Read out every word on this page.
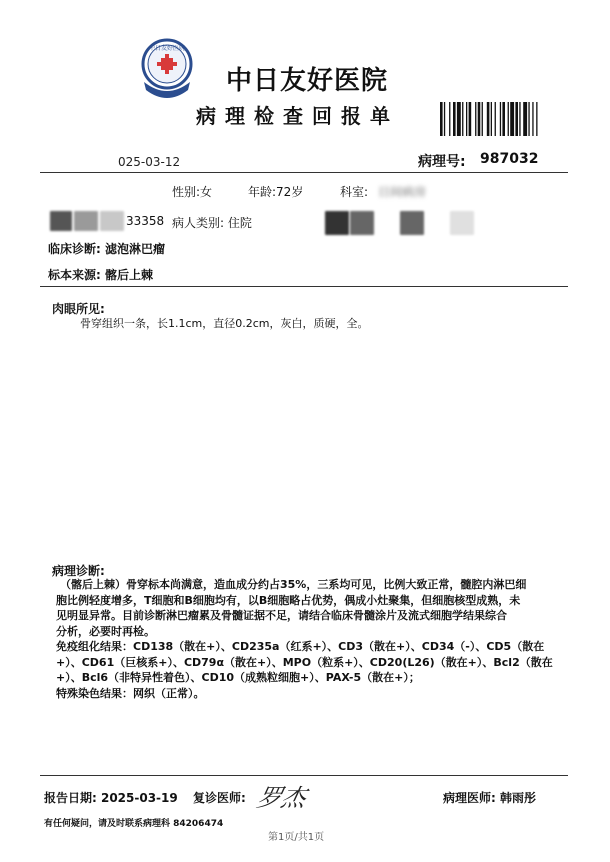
中日友好医院
中日友好医院
病理检查回报单
025-03-12	病理号: 987032
性别:女	年龄:72岁	科室: 日间病房
33358 病人类别: 住院
临床诊断: 滤泡淋巴瘤
标本来源: 髂后上棘
肉眼所见:
骨穿组织一条，长1.1cm，直径0.2cm，灰白，质硬，全。
病理诊断:

（髂后上棘）骨穿标本尚满意，造血成分约占35%，三系均可见，比例大致正常，髓腔内淋巴细

胞比例轻度增多，T细胞和B细胞均有，以B细胞略占优势，偶成小灶聚集，但细胞核型成熟，未

见明显异常。目前诊断淋巴瘤累及骨髓证据不足，请结合临床骨髓涂片及流式细胞学结果综合

分析，必要时再检。

免疫组化结果：CD138（散在+）、CD235a（红系+）、CD3（散在+）、CD34（-）、CD5（散在

+）、CD61（巨核系+）、CD79α（散在+）、MPO（粒系+）、CD20(L26)（散在+）、Bcl2（散在

+）、Bcl6（非特异性着色）、CD10（成熟粒细胞+）、PAX-5（散在+）；

特殊染色结果：网织（正常）。

报告日期: 2025-03-19 复诊医师: 罗杰	病理医师: 韩雨彤
有任何疑问，请及时联系病理科 84206474
第1页/共1页
